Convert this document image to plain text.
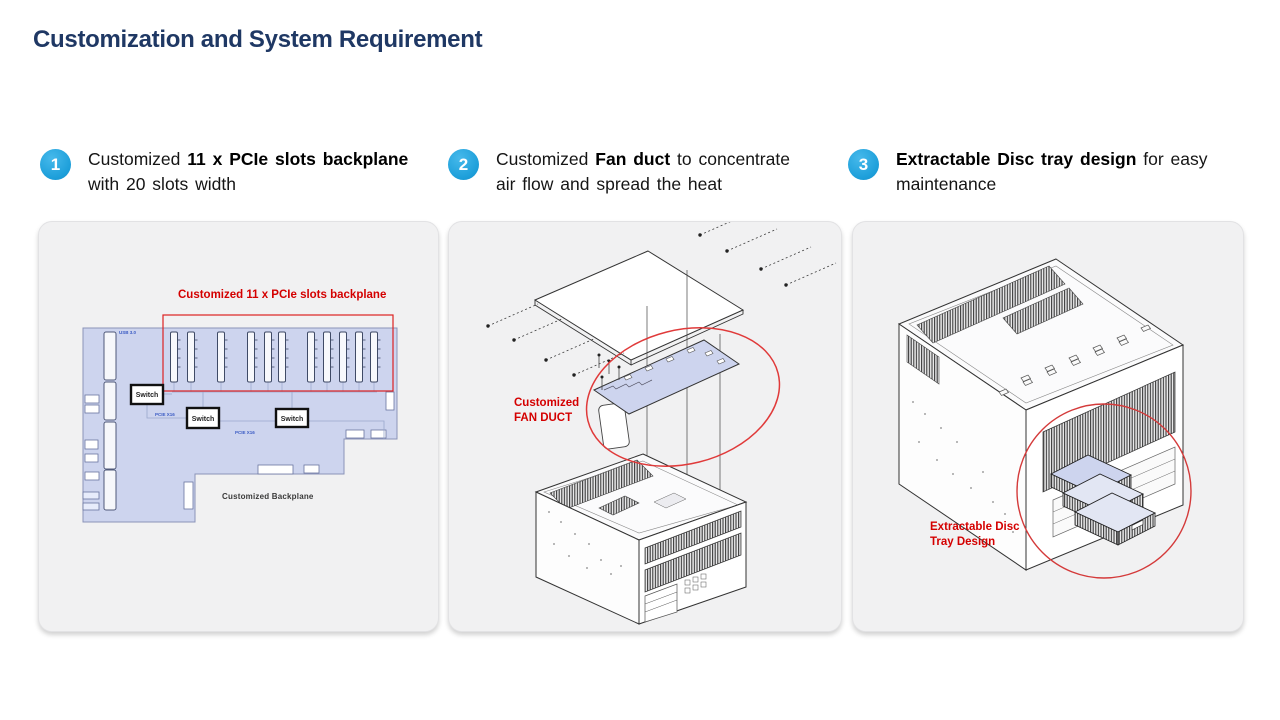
Customization and System Requirement
1	Customized 11 x PCIe slots backplane
with 20 slots width
2	Customized Fan duct to concentrate
air flow and spread the heat
3	Extractable Disc tray design for easy
maintenance
Switch
Switch	Switch
USB 3.0
PCIE X16
PCIE X16
Customized 11 x PCIe slots backplane
Customized Backplane
Customized
FAN DUCT
Extractable Disc
Tray Design
